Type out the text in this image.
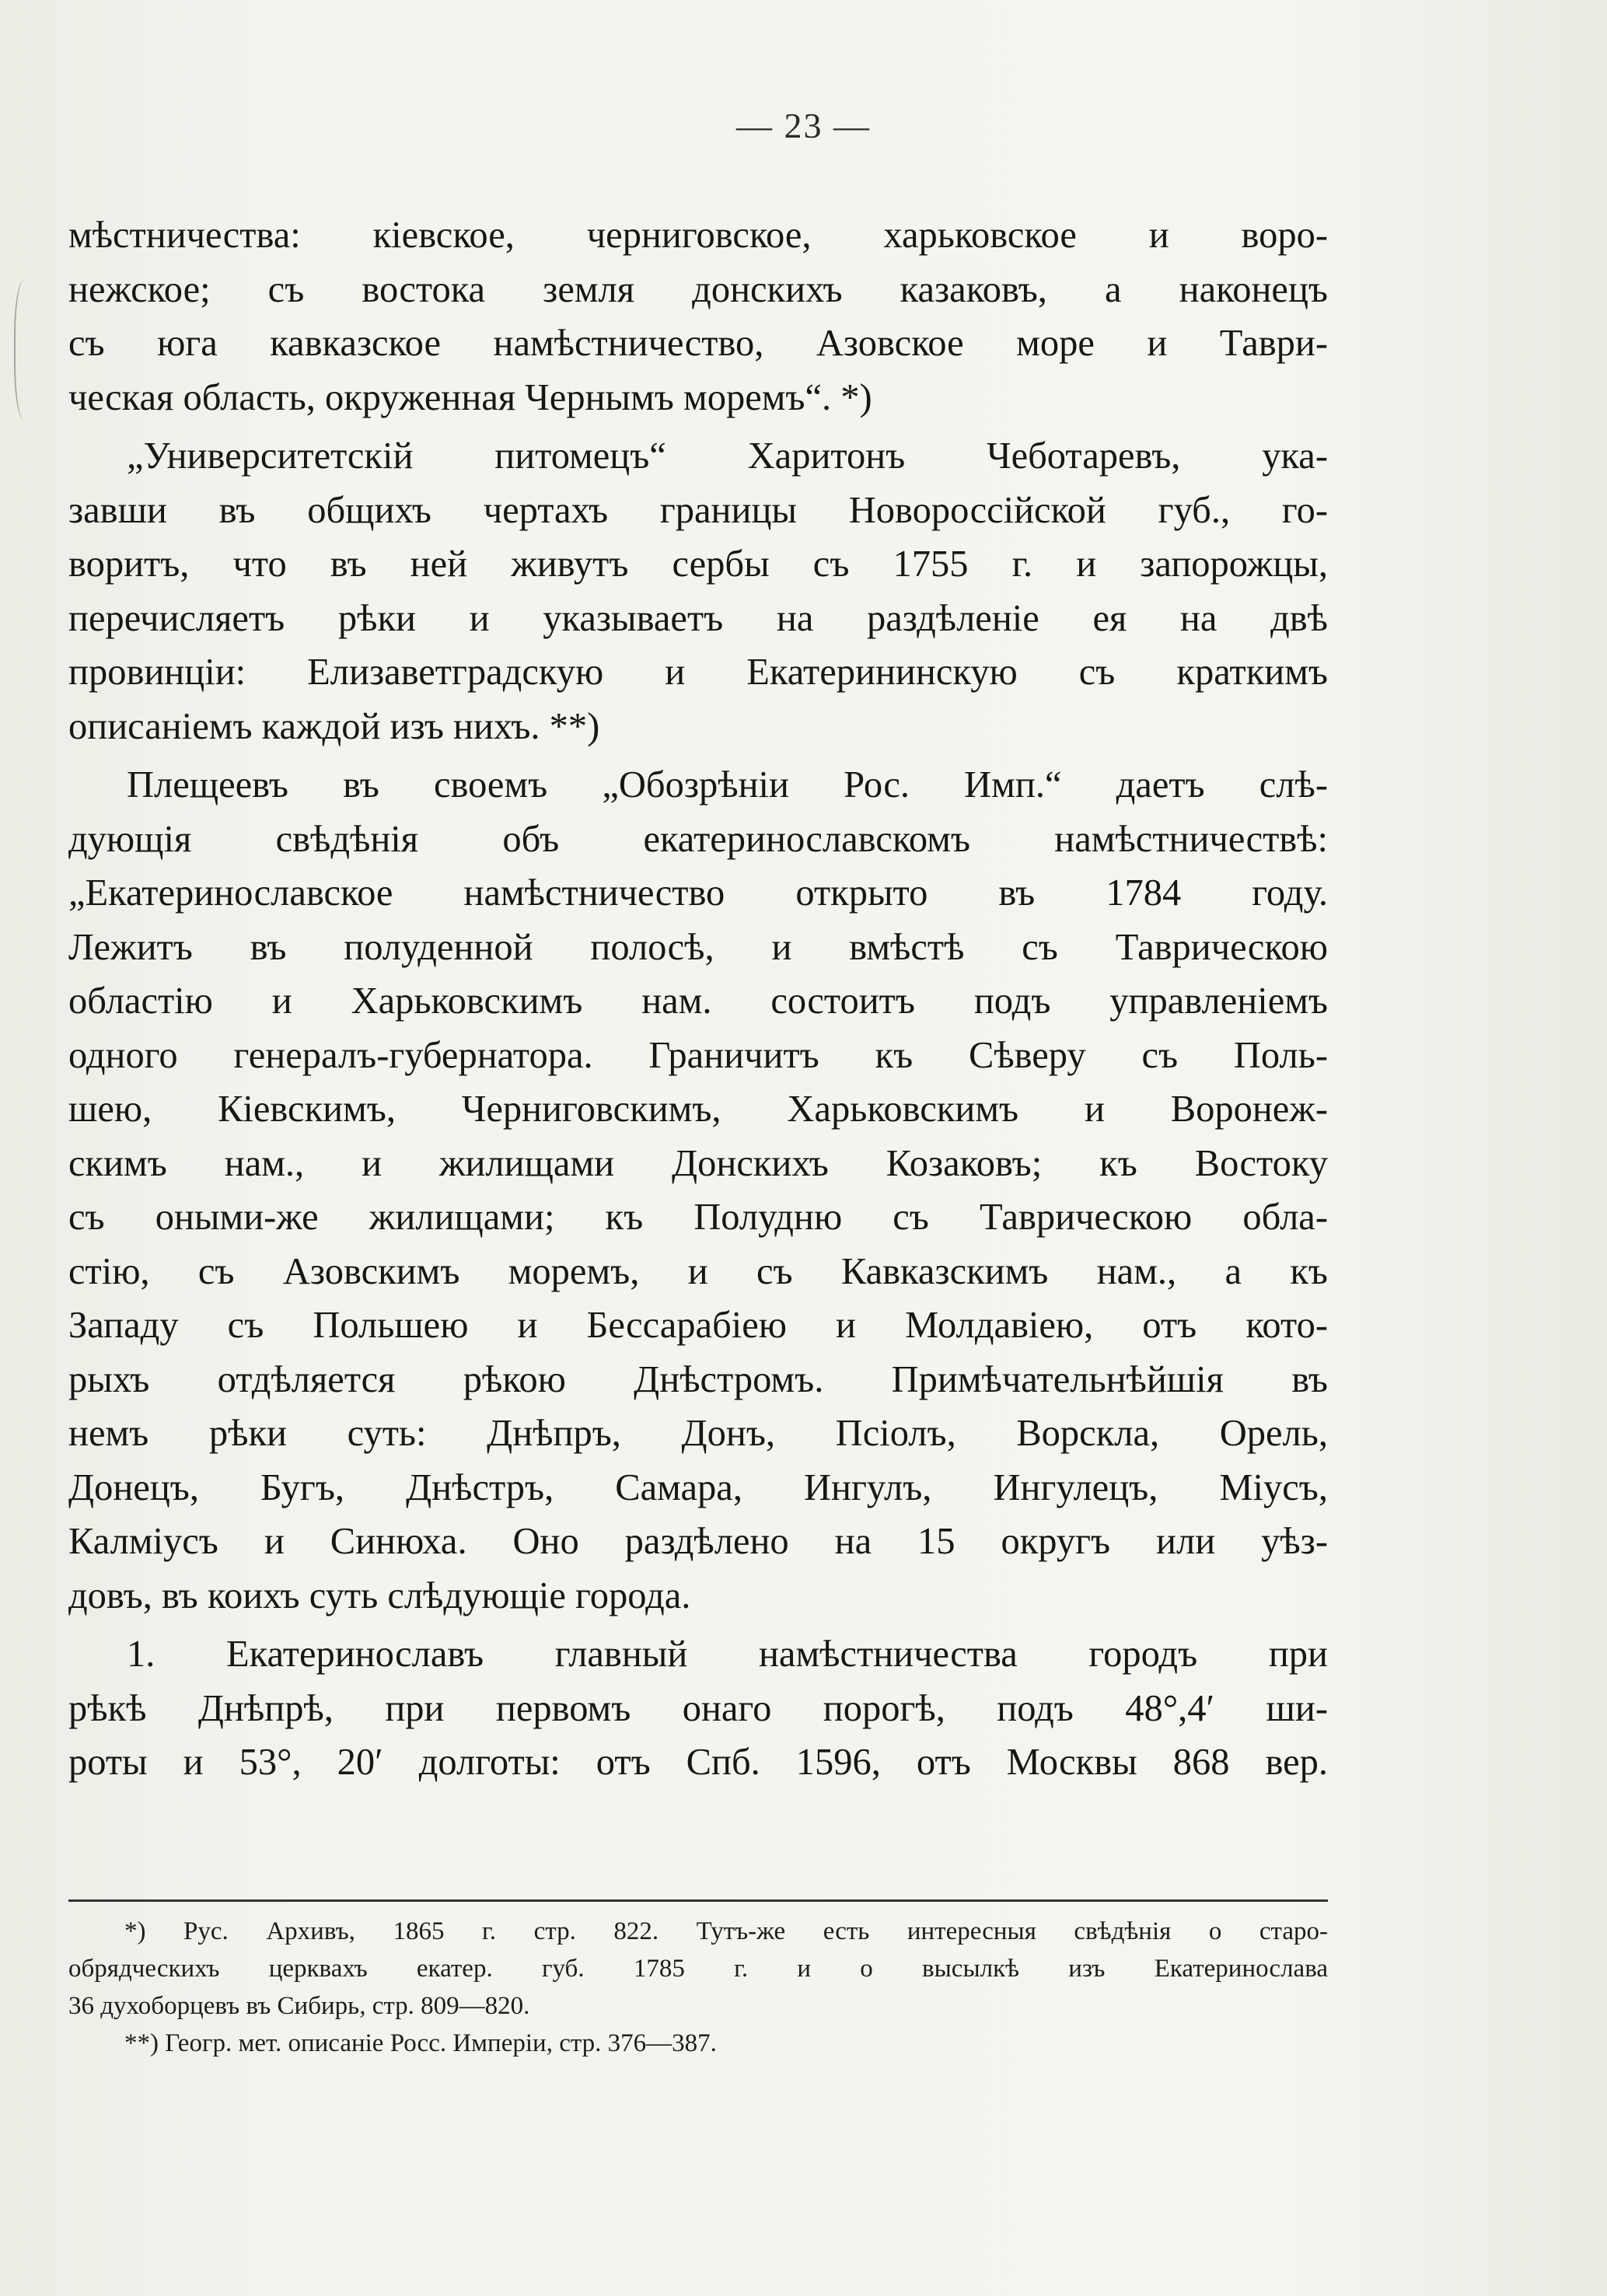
— 23 —
мѣстничества: кіевское, черниговское, харьковское и воро-
нежское; съ востока земля донскихъ казаковъ, а наконецъ
съ юга кавказское намѣстничество, Азовское море и Таври-
ческая область, окруженная Чернымъ моремъ“. *)
„Университетскій питомецъ“ Харитонъ Чеботаревъ, ука-
завши въ общихъ чертахъ границы Новороссійской губ., го-
воритъ, что въ ней живутъ сербы съ 1755 г. и запорожцы,
перечисляетъ рѣки и указываетъ на раздѣленіе ея на двѣ
провинціи: Елизаветградскую и Екатерининскую съ краткимъ
описаніемъ каждой изъ нихъ. **)
Плещеевъ въ своемъ „Обозрѣніи Рос. Имп.“ даетъ слѣ-
дующія свѣдѣнія объ екатеринославскомъ намѣстничествѣ:
„Екатеринославское намѣстничество открыто въ 1784 году.
Лежитъ въ полуденной полосѣ, и вмѣстѣ съ Таврическою
областію и Харьковскимъ нам. состоитъ подъ управленіемъ
одного генералъ-губернатора. Граничитъ къ Сѣверу съ Поль-
шею, Кіевскимъ, Черниговскимъ, Харьковскимъ и Воронеж-
скимъ нам., и жилищами Донскихъ Козаковъ; къ Востоку
съ оными-же жилищами; къ Полудню съ Таврическою обла-
стію, съ Азовскимъ моремъ, и съ Кавказскимъ нам., а къ
Западу съ Польшею и Бессарабіею и Молдавіею, отъ кото-
рыхъ отдѣляется рѣкою Днѣстромъ. Примѣчательнѣйшія въ
немъ рѣки суть: Днѣпръ, Донъ, Псіолъ, Ворскла, Орель,
Донецъ, Бугъ, Днѣстръ, Самара, Ингулъ, Ингулецъ, Міусъ,
Калміусъ и Синюха. Оно раздѣлено на 15 округъ или уѣз-
довъ, въ коихъ суть слѣдующіе города.
1. Екатеринославъ главный намѣстничества городъ при
рѣкѣ Днѣпрѣ, при первомъ онаго порогѣ, подъ 48°,4′ ши-
роты и 53°, 20′ долготы: отъ Спб. 1596, отъ Москвы 868 вер.
*) Рус. Архивъ, 1865 г. стр. 822. Тутъ-же есть интересныя свѣдѣнія о старо-
обрядческихъ церквахъ екатер. губ. 1785 г. и о высылкѣ изъ Екатеринослава
36 духоборцевъ въ Сибирь, стр. 809—820.
**) Геогр. мет. описаніе Росс. Имперіи, стр. 376—387.
